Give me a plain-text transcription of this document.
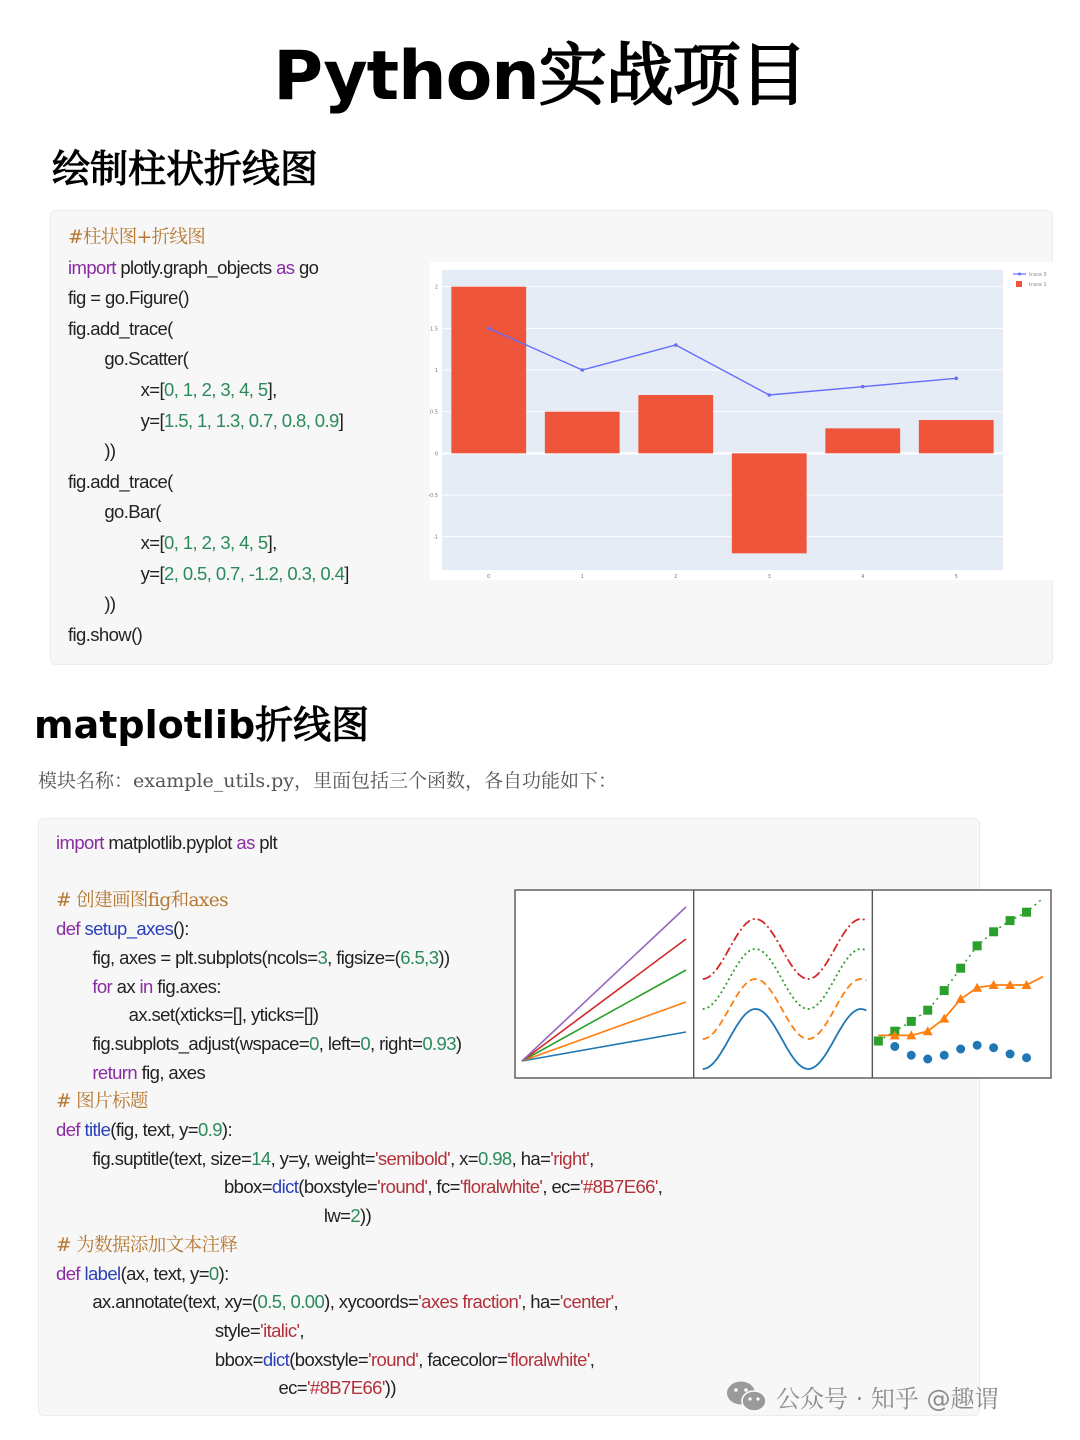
Python实战项目
绘制柱状折线图
#柱状图+折线图
import plotly.graph_objects as go
fig = go.Figure()
fig.add_trace(
go.Scatter(
x=[0, 1, 2, 3, 4, 5],
y=[1.5, 1, 1.3, 0.7, 0.8, 0.9]
))
fig.add_trace(
go.Bar(
x=[0, 1, 2, 3, 4, 5],
y=[2, 0.5, 0.7, -1.2, 0.3, 0.4]
))
fig.show()
-1
-0.5
0
0.5
1
1.5
2
0	1	2	3	4	5
trace 0
trace 1
matplotlib折线图
模块名称：example_utils.py，里面包括三个函数，各自功能如下：
import matplotlib.pyplot as plt
# 创建画图fig和axes
def setup_axes():
fig, axes = plt.subplots(ncols=3, figsize=(6.5,3))
for ax in fig.axes:
ax.set(xticks=[], yticks=[])
fig.subplots_adjust(wspace=0, left=0, right=0.93)
return fig, axes
# 图片标题
def title(fig, text, y=0.9):
fig.suptitle(text, size=14, y=y, weight='semibold', x=0.98, ha='right',
bbox=dict(boxstyle='round', fc='floralwhite', ec='#8B7E66',
lw=2))
# 为数据添加文本注释
def label(ax, text, y=0):
ax.annotate(text, xy=(0.5, 0.00), xycoords='axes fraction', ha='center',
style='italic',
bbox=dict(boxstyle='round', facecolor='floralwhite',
ec='#8B7E66'))	公众号 · 知乎 @趣谓
